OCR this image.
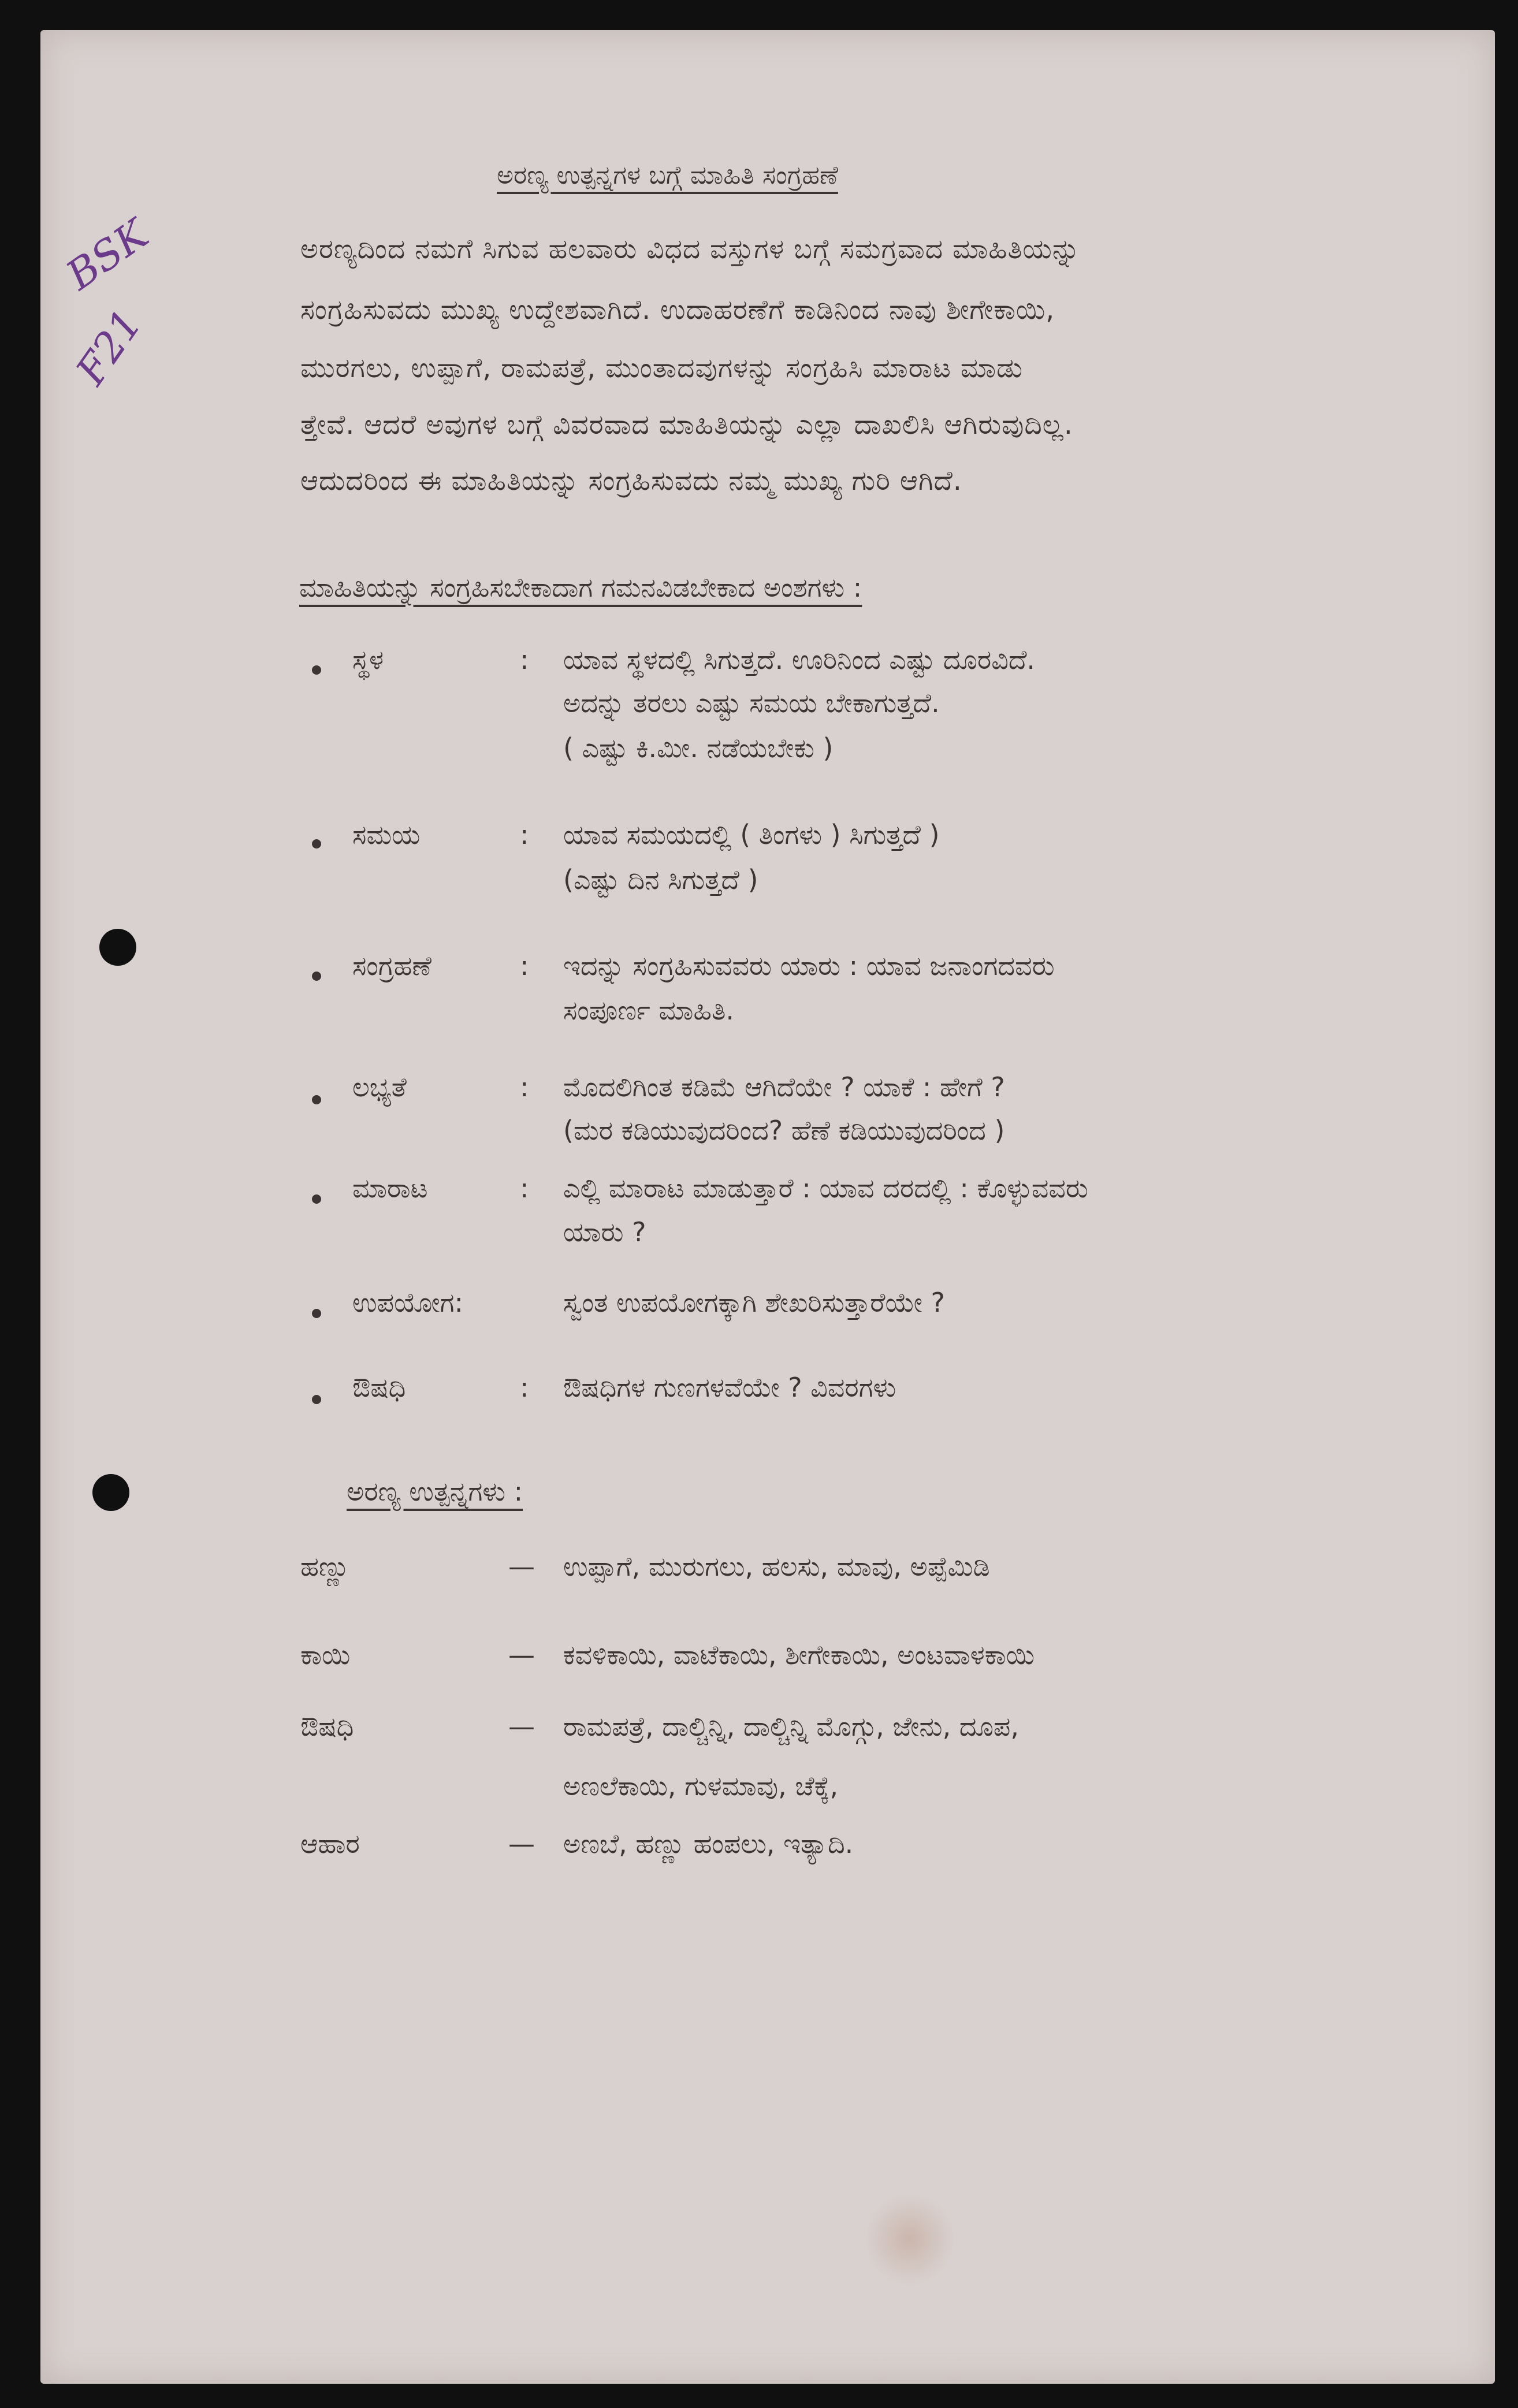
BSK
F21
ಅರಣ್ಯ ಉತ್ಪನ್ನಗಳ ಬಗ್ಗೆ ಮಾಹಿತಿ ಸಂಗ್ರಹಣೆ
ಅರಣ್ಯದಿಂದ ನಮಗೆ ಸಿಗುವ ಹಲವಾರು ವಿಧದ ವಸ್ತುಗಳ ಬಗ್ಗೆ ಸಮಗ್ರವಾದ ಮಾಹಿತಿಯನ್ನು
ಸಂಗ್ರಹಿಸುವದು ಮುಖ್ಯ ಉದ್ದೇಶವಾಗಿದೆ. ಉದಾಹರಣೆಗೆ ಕಾಡಿನಿಂದ ನಾವು ಶೀಗೇಕಾಯಿ,
ಮುರಗಲು, ಉಪ್ಪಾಗೆ, ರಾಮಪತ್ರೆ, ಮುಂತಾದವುಗಳನ್ನು ಸಂಗ್ರಹಿಸಿ ಮಾರಾಟ ಮಾಡು
ತ್ತೇವೆ. ಆದರೆ ಅವುಗಳ ಬಗ್ಗೆ ವಿವರವಾದ ಮಾಹಿತಿಯನ್ನು ಎಲ್ಲಾ ದಾಖಲಿಸಿ ಆಗಿರುವುದಿಲ್ಲ.
ಆದುದರಿಂದ ಈ ಮಾಹಿತಿಯನ್ನು ಸಂಗ್ರಹಿಸುವದು ನಮ್ಮ ಮುಖ್ಯ ಗುರಿ ಆಗಿದೆ.
ಮಾಹಿತಿಯನ್ನು ಸಂಗ್ರಹಿಸಬೇಕಾದಾಗ ಗಮನವಿಡಬೇಕಾದ ಅಂಶಗಳು :
ಸ್ಥಳ	: ಯಾವ ಸ್ಥಳದಲ್ಲಿ ಸಿಗುತ್ತದೆ. ಊರಿನಿಂದ ಎಷ್ಟು ದೂರವಿದೆ.
ಅದನ್ನು ತರಲು ಎಷ್ಟು ಸಮಯ ಬೇಕಾಗುತ್ತದೆ.
( ಎಷ್ಟು ಕಿ.ಮೀ. ನಡೆಯಬೇಕು )
ಸಮಯ	: ಯಾವ ಸಮಯದಲ್ಲಿ ( ತಿಂಗಳು ) ಸಿಗುತ್ತದೆ )
(ಎಷ್ಟು ದಿನ ಸಿಗುತ್ತದೆ )
ಸಂಗ್ರಹಣೆ	: ಇದನ್ನು ಸಂಗ್ರಹಿಸುವವರು ಯಾರು : ಯಾವ ಜನಾಂಗದವರು
ಸಂಪೂರ್ಣ ಮಾಹಿತಿ.
ಲಭ್ಯತೆ	: ಮೊದಲಿಗಿಂತ ಕಡಿಮೆ ಆಗಿದೆಯೇ ? ಯಾಕೆ : ಹೇಗೆ ?
(ಮರ ಕಡಿಯುವುದರಿಂದ? ಹೆಣೆ ಕಡಿಯುವುದರಿಂದ )
ಮಾರಾಟ	: ಎಲ್ಲಿ ಮಾರಾಟ ಮಾಡುತ್ತಾರೆ : ಯಾವ ದರದಲ್ಲಿ : ಕೊಳ್ಳುವವರು
ಯಾರು ?
ಉಪಯೋಗ:	ಸ್ವಂತ ಉಪಯೋಗಕ್ಕಾಗಿ ಶೇಖರಿಸುತ್ತಾರೆಯೇ ?
ಔಷಧಿ	: ಔಷಧಿಗಳ ಗುಣಗಳವೆಯೇ ? ವಿವರಗಳು
ಅರಣ್ಯ ಉತ್ಪನ್ನಗಳು :
ಹಣ್ಣು	— ಉಪ್ಪಾಗೆ, ಮುರುಗಲು, ಹಲಸು, ಮಾವು, ಅಪ್ಪೆಮಿಡಿ
ಕಾಯಿ	— ಕವಳಿಕಾಯಿ, ವಾಟೆಕಾಯಿ, ಶೀಗೇಕಾಯಿ, ಅಂಟವಾಳಕಾಯಿ
ಔಷಧಿ	— ರಾಮಪತ್ರೆ, ದಾಲ್ಚಿನ್ನಿ, ದಾಲ್ಚಿನ್ನಿ ಮೊಗ್ಗು, ಜೇನು, ದೂಪ,
ಅಣಲೆಕಾಯಿ, ಗುಳಮಾವು, ಚೆಕ್ಕೆ,
ಆಹಾರ	— ಅಣಬೆ, ಹಣ್ಣು ಹಂಪಲು, ಇತ್ಯಾದಿ.
